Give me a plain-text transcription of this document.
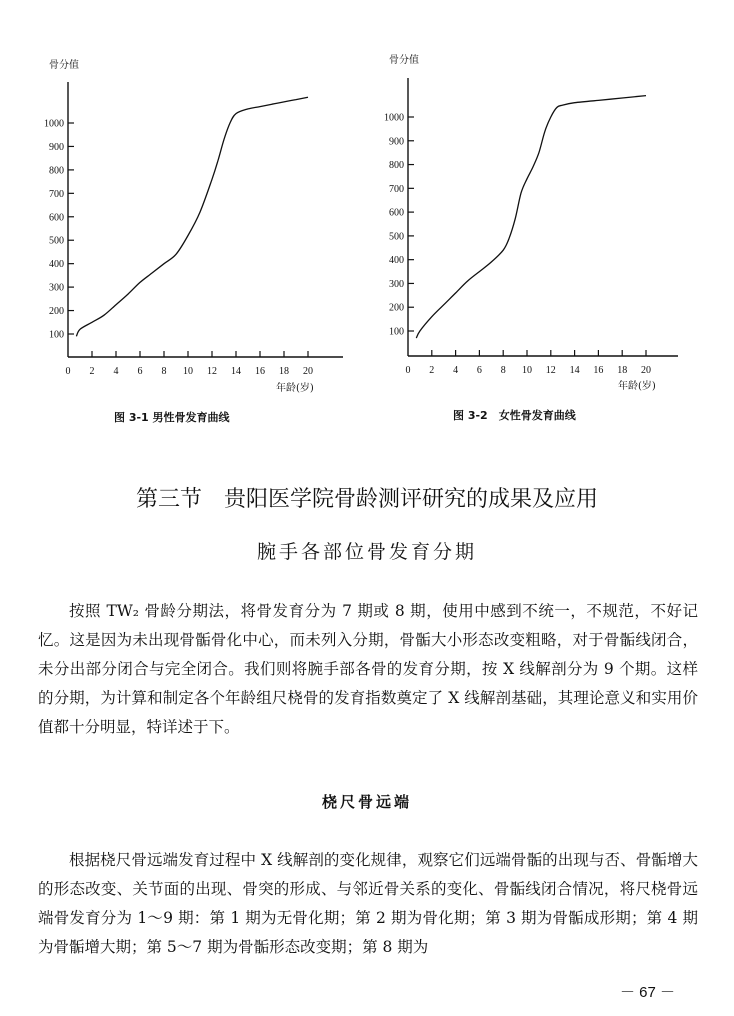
骨分值
100
200
300
400
500
600
700
800
900
1000
0 2 4 6 8 10 12 14 16 18 20
年龄(岁)
骨分值
100
200
300
400
500
600
700
800
900
1000
0 2 4 6 8 10 12 14 16 18 20
年龄(岁)
图 3-1 男性骨发育曲线	图 3-2　女性骨发育曲线
第三节　贵阳医学院骨龄测评研究的成果及应用
腕手各部位骨发育分期

按照 TW₂ 骨龄分期法，将骨发育分为 7 期或 8 期，使用中感到不统一，不规范，不好记忆。这是因为未出现骨骺骨化中心，而未列入分期，骨骺大小形态改变粗略，对于骨骺线闭合，未分出部分闭合与完全闭合。我们则将腕手部各骨的发育分期，按 X 线解剖分为 9 个期。这样的分期，为计算和制定各个年龄组尺桡骨的发育指数奠定了 X 线解剖基础，其理论意义和实用价值都十分明显，特详述于下。

桡尺骨远端

根据桡尺骨远端发育过程中 X 线解剖的变化规律，观察它们远端骨骺的出现与否、骨骺增大的形态改变、关节面的出现、骨突的形成、与邻近骨关系的变化、骨骺线闭合情况，将尺桡骨远端骨发育分为 1～9 期：第 1 期为无骨化期；第 2 期为骨化期；第 3 期为骨骺成形期；第 4 期为骨骺增大期；第 5～7 期为骨骺形态改变期；第 8 期为

－ 67 －
